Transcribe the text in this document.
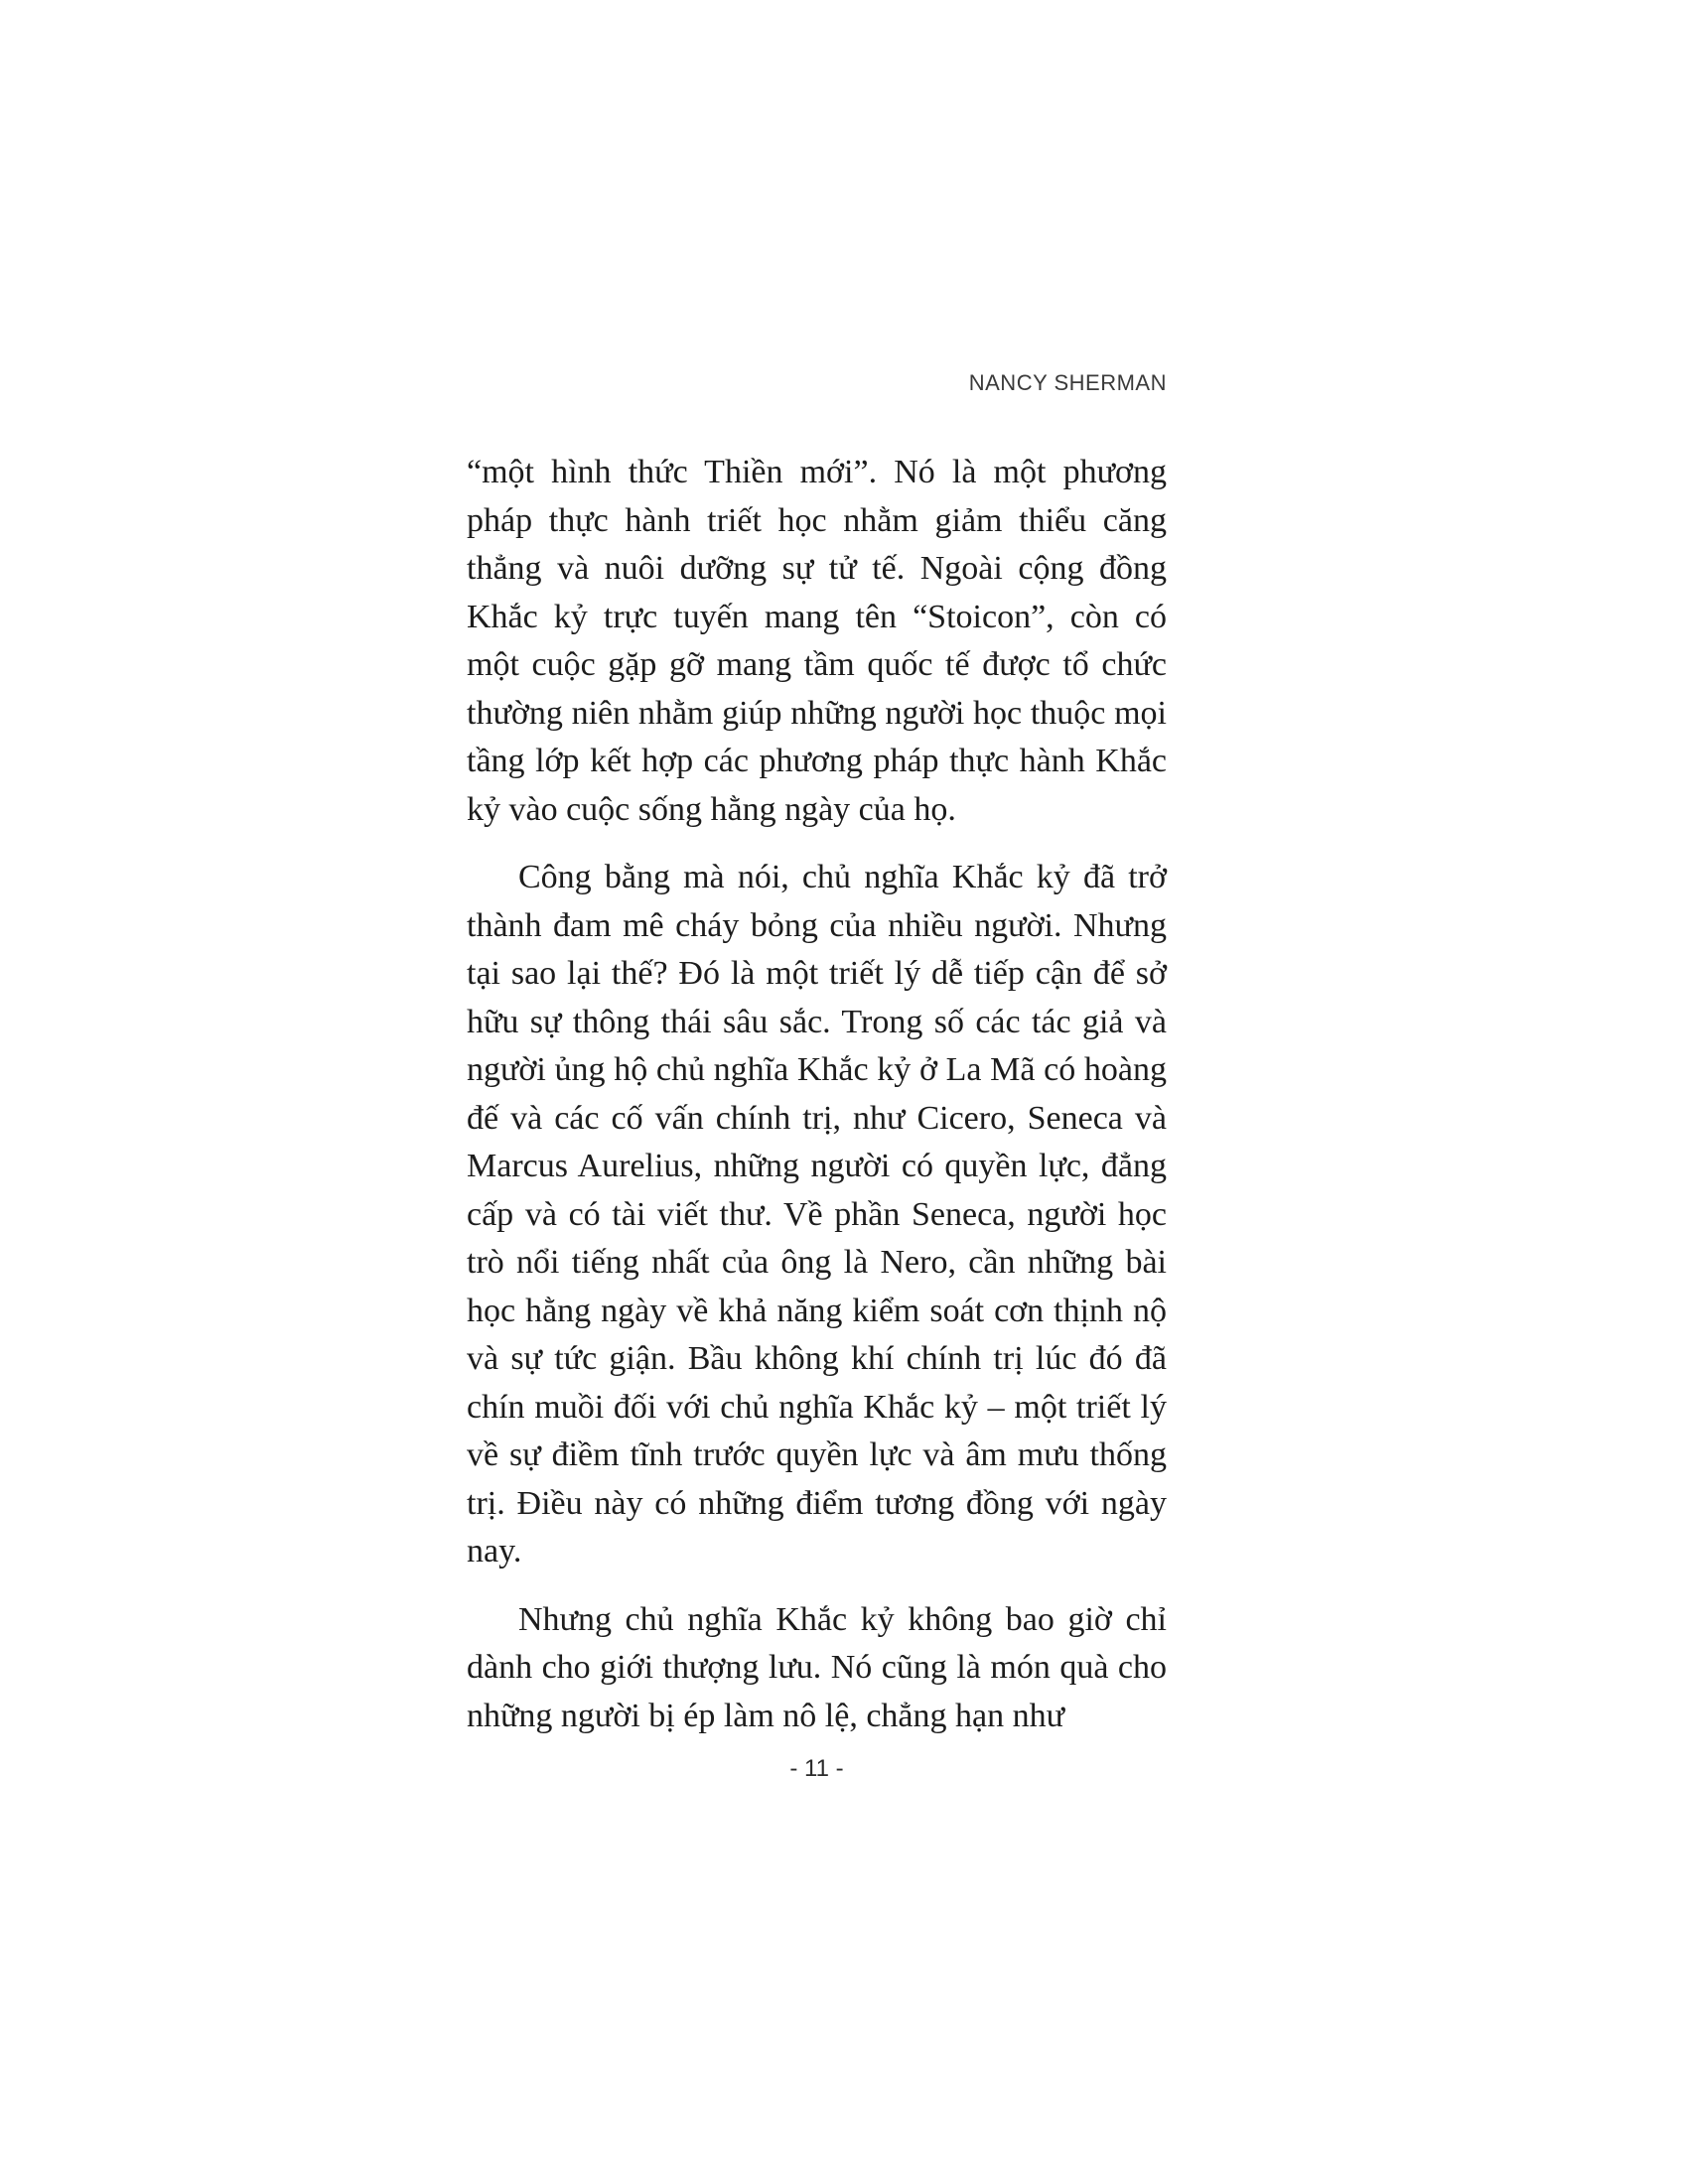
NANCY SHERMAN

“một hình thức Thiền mới”. Nó là một phương pháp thực hành triết học nhằm giảm thiểu căng thẳng và nuôi dưỡng sự tử tế. Ngoài cộng đồng Khắc kỷ trực tuyến mang tên “Stoicon”, còn có một cuộc gặp gỡ mang tầm quốc tế được tổ chức thường niên nhằm giúp những người học thuộc mọi tầng lớp kết hợp các phương pháp thực hành Khắc kỷ vào cuộc sống hằng ngày của họ.

Công bằng mà nói, chủ nghĩa Khắc kỷ đã trở thành đam mê cháy bỏng của nhiều người. Nhưng tại sao lại thế? Đó là một triết lý dễ tiếp cận để sở hữu sự thông thái sâu sắc. Trong số các tác giả và người ủng hộ chủ nghĩa Khắc kỷ ở La Mã có hoàng đế và các cố vấn chính trị, như Cicero, Seneca và Marcus Aurelius, những người có quyền lực, đẳng cấp và có tài viết thư. Về phần Seneca, người học trò nổi tiếng nhất của ông là Nero, cần những bài học hằng ngày về khả năng kiểm soát cơn thịnh nộ và sự tức giận. Bầu không khí chính trị lúc đó đã chín muồi đối với chủ nghĩa Khắc kỷ – một triết lý về sự điềm tĩnh trước quyền lực và âm mưu thống trị. Điều này có những điểm tương đồng với ngày nay.

Nhưng chủ nghĩa Khắc kỷ không bao giờ chỉ dành cho giới thượng lưu. Nó cũng là món quà cho những người bị ép làm nô lệ, chẳng hạn như

- 11 -
